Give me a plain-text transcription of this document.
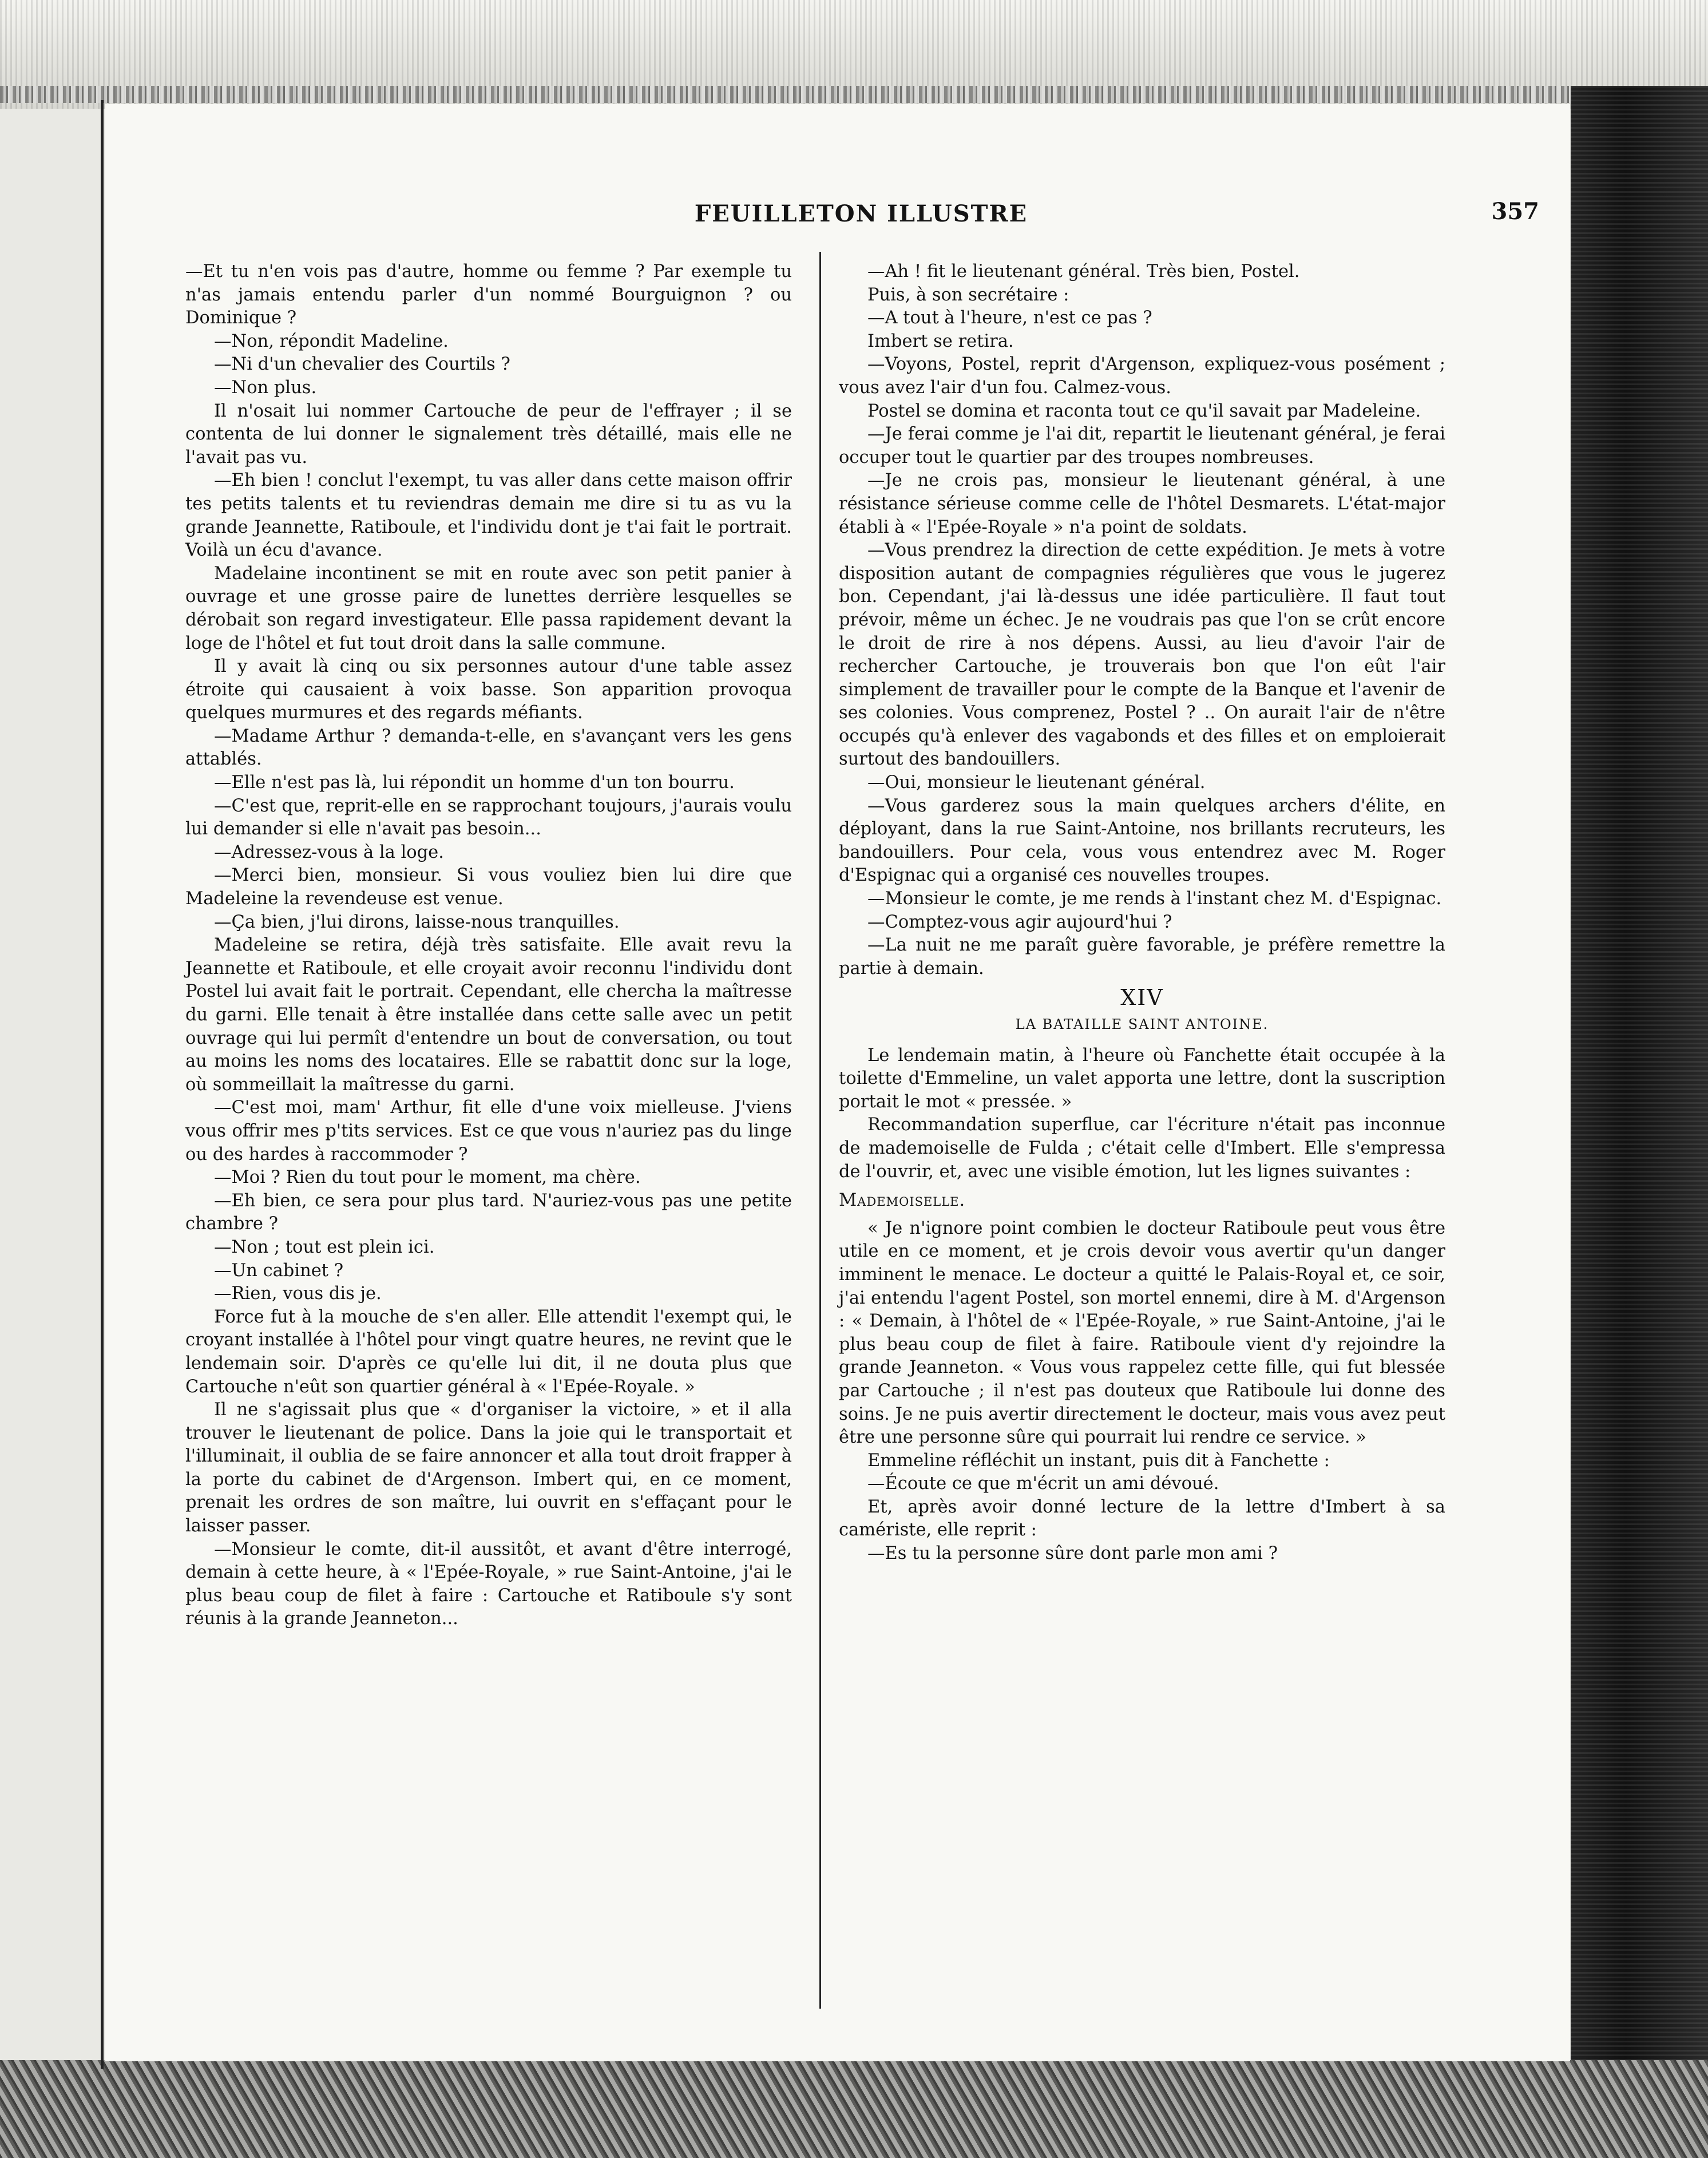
FEUILLETON ILLUSTRE	357

—Et tu n'en vois pas d'autre, homme ou femme ? Par exemple tu n'as jamais entendu parler d'un nommé Bourguignon ? ou Dominique ?

—Non, répondit Madeline.

—Ni d'un chevalier des Courtils ?

—Non plus.

Il n'osait lui nommer Cartouche de peur de l'effrayer ; il se contenta de lui donner le signalement très détaillé, mais elle ne l'avait pas vu.

—Eh bien ! conclut l'exempt, tu vas aller dans cette maison offrir tes petits talents et tu reviendras demain me dire si tu as vu la grande Jeannette, Ratiboule, et l'individu dont je t'ai fait le portrait. Voilà un écu d'avance.

Madelaine incontinent se mit en route avec son petit panier à ouvrage et une grosse paire de lunettes derrière lesquelles se dérobait son regard investigateur. Elle passa rapidement devant la loge de l'hôtel et fut tout droit dans la salle commune.

Il y avait là cinq ou six personnes autour d'une table assez étroite qui causaient à voix basse. Son apparition provoqua quelques murmures et des regards méfiants.

—Madame Arthur ? demanda-t-elle, en s'avançant vers les gens attablés.

—Elle n'est pas là, lui répondit un homme d'un ton bourru.

—C'est que, reprit-elle en se rapprochant toujours, j'aurais voulu lui demander si elle n'avait pas besoin...

—Adressez-vous à la loge.

—Merci bien, monsieur. Si vous vouliez bien lui dire que Madeleine la revendeuse est venue.

—Ça bien, j'lui dirons, laisse-nous tranquilles.

Madeleine se retira, déjà très satisfaite. Elle avait revu la Jeannette et Ratiboule, et elle croyait avoir reconnu l'individu dont Postel lui avait fait le portrait. Cependant, elle chercha la maîtresse du garni. Elle tenait à être installée dans cette salle avec un petit ouvrage qui lui permît d'entendre un bout de conversation, ou tout au moins les noms des locataires. Elle se rabattit donc sur la loge, où sommeillait la maîtresse du garni.

—C'est moi, mam' Arthur, fit elle d'une voix mielleuse. J'viens vous offrir mes p'tits services. Est ce que vous n'auriez pas du linge ou des hardes à raccommoder ?

—Moi ? Rien du tout pour le moment, ma chère.

—Eh bien, ce sera pour plus tard. N'auriez-vous pas une petite chambre ?

—Non ; tout est plein ici.

—Un cabinet ?

—Rien, vous dis je.

Force fut à la mouche de s'en aller. Elle attendit l'exempt qui, le croyant installée à l'hôtel pour vingt quatre heures, ne revint que le lendemain soir. D'après ce qu'elle lui dit, il ne douta plus que Cartouche n'eût son quartier général à « l'Epée-Royale. »

Il ne s'agissait plus que « d'organiser la victoire, » et il alla trouver le lieutenant de police. Dans la joie qui le transportait et l'illuminait, il oublia de se faire annoncer et alla tout droit frapper à la porte du cabinet de d'Argenson. Imbert qui, en ce moment, prenait les ordres de son maître, lui ouvrit en s'effaçant pour le laisser passer.

—Monsieur le comte, dit-il aussitôt, et avant d'être interrogé, demain à cette heure, à « l'Epée-Royale, » rue Saint-Antoine, j'ai le plus beau coup de filet à faire : Cartouche et Ratiboule s'y sont réunis à la grande Jeanneton...

—Ah ! fit le lieutenant général. Très bien, Postel.

Puis, à son secrétaire :

—A tout à l'heure, n'est ce pas ?

Imbert se retira.

—Voyons, Postel, reprit d'Argenson, expliquez-vous posément ; vous avez l'air d'un fou. Calmez-vous.

Postel se domina et raconta tout ce qu'il savait par Madeleine.

—Je ferai comme je l'ai dit, repartit le lieutenant général, je ferai occuper tout le quartier par des troupes nombreuses.

—Je ne crois pas, monsieur le lieutenant général, à une résistance sérieuse comme celle de l'hôtel Desmarets. L'état-major établi à « l'Epée-Royale » n'a point de soldats.

—Vous prendrez la direction de cette expédition. Je mets à votre disposition autant de compagnies régulières que vous le jugerez bon. Cependant, j'ai là-dessus une idée particulière. Il faut tout prévoir, même un échec. Je ne voudrais pas que l'on se crût encore le droit de rire à nos dépens. Aussi, au lieu d'avoir l'air de rechercher Cartouche, je trouverais bon que l'on eût l'air simplement de travailler pour le compte de la Banque et l'avenir de ses colonies. Vous comprenez, Postel ? .. On aurait l'air de n'être occupés qu'à enlever des vagabonds et des filles et on emploierait surtout des bandouillers.

—Oui, monsieur le lieutenant général.

—Vous garderez sous la main quelques archers d'élite, en déployant, dans la rue Saint-Antoine, nos brillants recruteurs, les bandouillers. Pour cela, vous vous entendrez avec M. Roger d'Espignac qui a organisé ces nouvelles troupes.

—Monsieur le comte, je me rends à l'instant chez M. d'Espignac.

—Comptez-vous agir aujourd'hui ?

—La nuit ne me paraît guère favorable, je préfère remettre la partie à demain.

XIV

LA BATAILLE SAINT ANTOINE.

Le lendemain matin, à l'heure où Fanchette était occupée à la toilette d'Emmeline, un valet apporta une lettre, dont la suscription portait le mot « pressée. »

Recommandation superflue, car l'écriture n'était pas inconnue de mademoiselle de Fulda ; c'était celle d'Imbert. Elle s'empressa de l'ouvrir, et, avec une visible émotion, lut les lignes suivantes :

Mademoiselle.

« Je n'ignore point combien le docteur Ratiboule peut vous être utile en ce moment, et je crois devoir vous avertir qu'un danger imminent le menace. Le docteur a quitté le Palais-Royal et, ce soir, j'ai entendu l'agent Postel, son mortel ennemi, dire à M. d'Argenson : « Demain, à l'hôtel de « l'Epée-Royale, » rue Saint-Antoine, j'ai le plus beau coup de filet à faire. Ratiboule vient d'y rejoindre la grande Jeanneton. « Vous vous rappelez cette fille, qui fut blessée par Cartouche ; il n'est pas douteux que Ratiboule lui donne des soins. Je ne puis avertir directement le docteur, mais vous avez peut être une personne sûre qui pourrait lui rendre ce service. »

Emmeline réfléchit un instant, puis dit à Fanchette :

—Écoute ce que m'écrit un ami dévoué.

Et, après avoir donné lecture de la lettre d'Imbert à sa camériste, elle reprit :

—Es tu la personne sûre dont parle mon ami ?
